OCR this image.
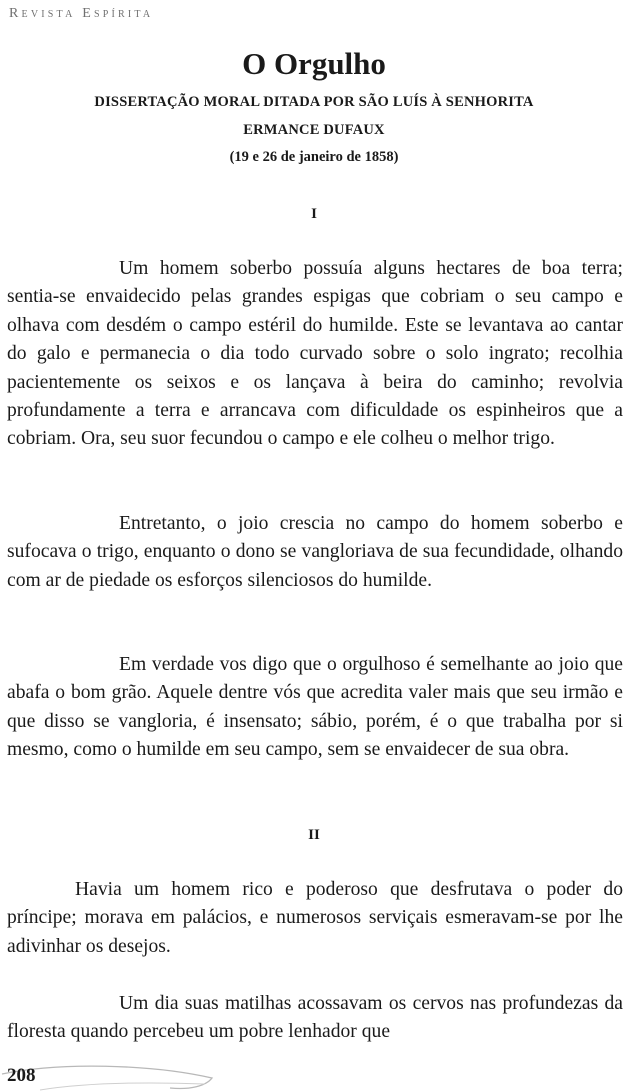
Revista Espírita
O Orgulho
DISSERTAÇÃO MORAL DITADA POR SÃO LUÍS À SENHORITA
ERMANCE DUFAUX
(19 e 26 de janeiro de 1858)
I

Um homem soberbo possuía alguns hectares de boa terra; sentia-se envaidecido pelas grandes espigas que cobriam o seu campo e olhava com desdém o campo estéril do humilde. Este se levantava ao cantar do galo e permanecia o dia todo curvado sobre o solo ingrato; recolhia pacientemente os seixos e os lançava à beira do caminho; revolvia profundamente a terra e arrancava com dificuldade os espinheiros que a cobriam. Ora, seu suor fecundou o campo e ele colheu o melhor trigo.

Entretanto, o joio crescia no campo do homem soberbo e sufocava o trigo, enquanto o dono se vangloriava de sua fecundidade, olhando com ar de piedade os esforços silenciosos do humilde.

Em verdade vos digo que o orgulhoso é semelhante ao joio que abafa o bom grão. Aquele dentre vós que acredita valer mais que seu irmão e que disso se vangloria, é insensato; sábio, porém, é o que trabalha por si mesmo, como o humilde em seu campo, sem se envaidecer de sua obra.

II

Havia um homem rico e poderoso que desfrutava o poder do príncipe; morava em palácios, e numerosos serviçais esmeravam-se por lhe adivinhar os desejos.

Um dia suas matilhas acossavam os cervos nas profundezas da floresta quando percebeu um pobre lenhador que

208
